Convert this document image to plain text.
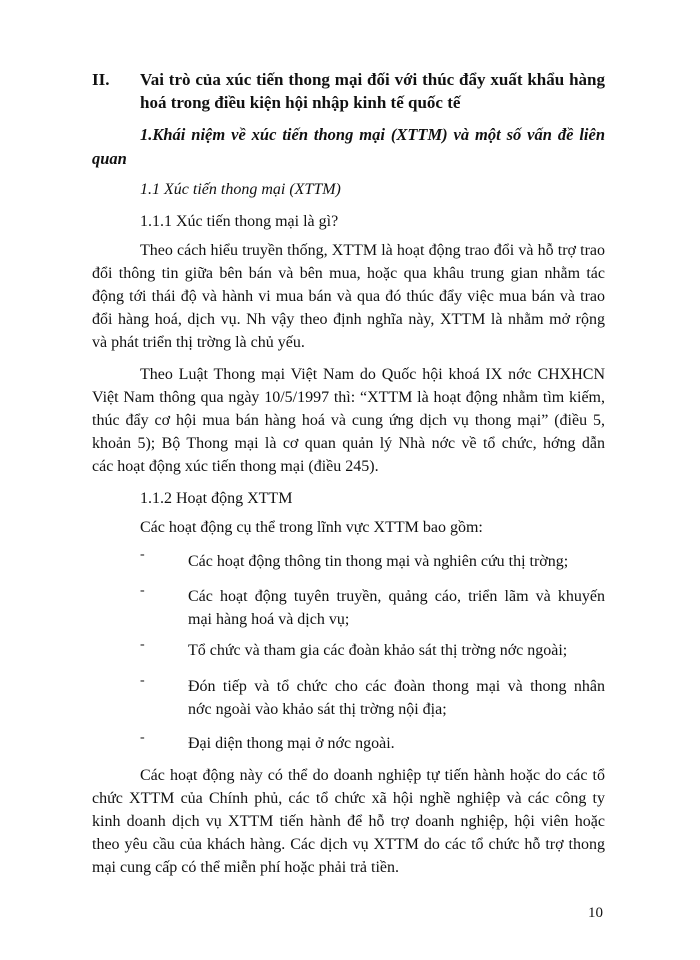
II. Vai trò của xúc tiến thong mại đối với thúc đẩy xuất khẩu hàng
hoá trong điều kiện hội nhập kinh tế quốc tế
1.Khái niệm về xúc tiến thong mại (XTTM) và một số vấn đề liên
quan
1.1 Xúc tiến thong mại (XTTM)
1.1.1 Xúc tiến thong mại là gì?
Theo cách hiểu truyền thống, XTTM là hoạt động trao đổi và hỗ trợ trao
đổi thông tin giữa bên bán và bên mua, hoặc qua khâu trung gian nhằm tác
động tới thái độ và hành vi mua bán và qua đó thúc đẩy việc mua bán và trao
đổi hàng hoá, dịch vụ. Nh vậy theo định nghĩa này, XTTM là nhằm mở rộng
và phát triển thị trờng là chủ yếu.
Theo Luật Thong mại Việt Nam do Quốc hội khoá IX nớc CHXHCN
Việt Nam thông qua ngày 10/5/1997 thì: “XTTM là hoạt động nhằm tìm kiếm,
thúc đẩy cơ hội mua bán hàng hoá và cung ứng dịch vụ thong mại” (điều 5,
khoản 5); Bộ Thong mại là cơ quan quản lý Nhà nớc về tổ chức, hớng dẫn
các hoạt động xúc tiến thong mại (điều 245).
1.1.2 Hoạt động XTTM
Các hoạt động cụ thể trong lĩnh vực XTTM bao gồm:
-	Các hoạt động thông tin thong mại và nghiên cứu thị trờng;
-	Các hoạt động tuyên truyền, quảng cáo, triển lãm và khuyến
mại hàng hoá và dịch vụ;
-	Tổ chức và tham gia các đoàn khảo sát thị trờng nớc ngoài;
-	Đón tiếp và tổ chức cho các đoàn thong mại và thong nhân
nớc ngoài vào khảo sát thị trờng nội địa;
-	Đại diện thong mại ở nớc ngoài.
Các hoạt động này có thể do doanh nghiệp tự tiến hành hoặc do các tổ
chức XTTM của Chính phủ, các tổ chức xã hội nghề nghiệp và các công ty
kinh doanh dịch vụ XTTM tiến hành để hỗ trợ doanh nghiệp, hội viên hoặc
theo yêu cầu của khách hàng. Các dịch vụ XTTM do các tổ chức hỗ trợ thong
mại cung cấp có thể miễn phí hoặc phải trả tiền.
10
